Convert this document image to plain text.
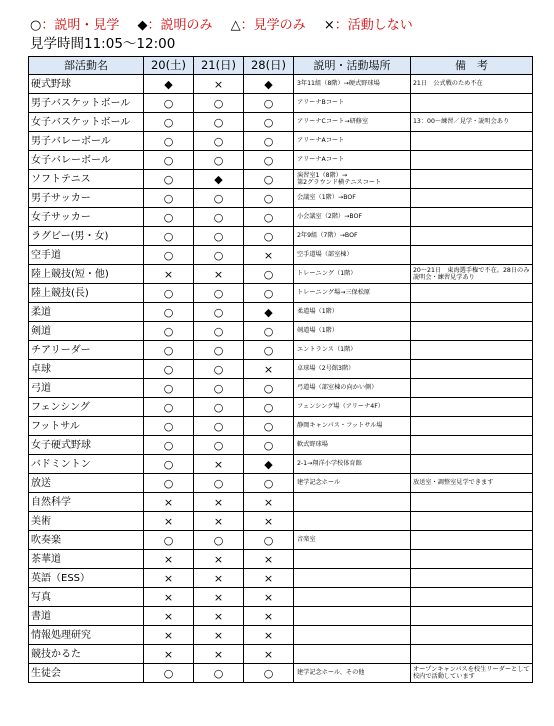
○：説明・見学 ◆：説明のみ △：見学のみ ×：活動しない
見学時間11:05〜12:00
部活動名	20(土)	21(日)	28(日)	説明・活動場所	備　考
硬式野球	◆	×	◆	3年11組（8階）→硬式野球場	21日　公式戦のため不在
男子バスケットボール	○	○	○	アリーナBコート	
女子バスケットボール	○	○	○	アリーナCコート→研修室	13：00〜練習／見学・説明会あり
男子バレーボール	○	○	○	アリーナAコート	
女子バレーボール	○	○	○	アリーナAコート	
ソフトテニス	○	◆	○	演習室1（8階）→
第2グラウンド横テニスコート	
男子サッカー	○	○	○	会議室（1階）→BOF	
女子サッカー	○	○	○	小会議室（2階）→BOF	
ラグビー(男・女)	○	○	○	2年9組（7階）→BOF	
空手道	○	○	×	空手道場（部室棟）	
陸上競技(短・他)	×	×	○	トレーニング（1階）	20〜21日　東海選手権で不在。28日のみ説明会・練習見学あり
陸上競技(長)	○	○	○	トレーニング場→三保松原	
柔道	○	○	◆	柔道場（1階）	
剣道	○	○	○	剣道場（1階）	
チアリーダー	○	○	○	エントランス（1階）	
卓球	○	○	×	卓球場（2号館3階）	
弓道	○	○	○	弓道場（部室棟の向かい側）	
フェンシング	○	○	○	フェンシング場（アリーナ4F）	
フットサル	○	○	○	静岡キャンパス・フットサル場	
女子硬式野球	○	○	○	軟式野球場	
バドミントン	○	×	◆	2-1→翔洋小学校体育館	
放送	○	○	○	建学記念ホール	放送室・調整室見学できます
自然科学	×	×	×		
美術	×	×	×		
吹奏楽	○	○	○	音楽室	
茶華道	×	×	×		
英語（ESS）	×	×	×		
写真	×	×	×		
書道	×	×	×		
情報処理研究	×	×	×		
競技かるた	×	×	×		
生徒会	○	○	○	建学記念ホール、その他	オープンキャンパスを校生リーダーとして校内で活動しています
